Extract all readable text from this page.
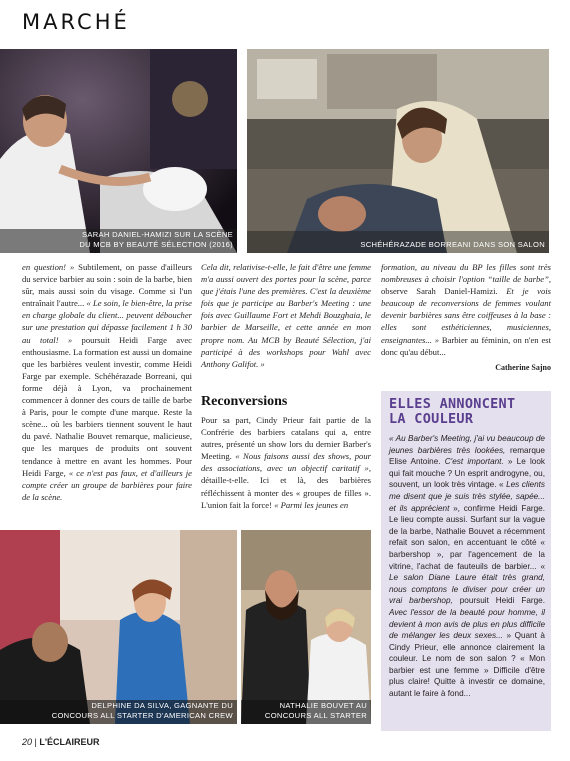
MARCHÉ
SARAH DANIEL-HAMIZI SUR LA SCÈNE
DU MCB BY BEAUTÉ SÉLECTION (2016)	SCHÉHÉRAZADE BORREANI DANS SON SALON

en question! » Subtilement, on passe d'ailleurs du service barbier au soin : soin de la barbe, bien sûr, mais aussi soin du visage. Comme si l'un entraînait l'autre... « Le soin, le bien-être, la prise en charge globale du client... peuvent déboucher sur une prestation qui dépasse facilement 1 h 30 au total! » poursuit Heidi Farge avec enthousiasme. La formation est aussi un domaine que les barbières veulent investir, comme Heidi Farge par exemple. Schéhérazade Borreani, qui forme déjà à Lyon, va prochainement commencer à donner des cours de taille de barbe à Paris, pour le compte d'une marque. Reste la scène... où les barbiers tiennent souvent le haut du pavé. Nathalie Bouvet remarque, malicieuse, que les marques de produits ont souvent tendance à mettre en avant les hommes. Pour Heidi Farge, « ce n'est pas faux, et d'ailleurs je compte créer un groupe de barbières pour faire de la scène.

Cela dit, relativise-t-elle, le fait d'être une femme m'a aussi ouvert des portes pour la scène, parce que j'étais l'une des premières. C'est la deuxième fois que je participe au Barber's Meeting : une fois avec Guillaume Fort et Mehdi Bouzghaia, le barbier de Marseille, et cette année en mon propre nom. Au MCB by Beauté Sélection, j'ai participé à des workshops pour Wahl avec Anthony Galifot. »

Reconversions

Pour sa part, Cindy Prieur fait partie de la Confrérie des barbiers catalans qui a, entre autres, présenté un show lors du dernier Barber's Meeting. « Nous faisons aussi des shows, pour des associations, avec un objectif caritatif », détaille-t-elle. Ici et là, des barbières réfléchissent à monter des « groupes de filles ». L'union fait la force! « Parmi les jeunes en

formation, au niveau du BP les filles sont très nombreuses à choisir l'option “taille de barbe”, observe Sarah Daniel-Hamizi. Et je vois beaucoup de reconversions de femmes voulant devenir barbières sans être coiffeuses à la base : elles sont esthéticiennes, musiciennes, enseignantes... » Barbier au féminin, on n'en est donc qu'au début...

Catherine Sajno
ELLES ANNONCENT
LA COULEUR
« Au Barber's Meeting, j'ai vu beaucoup de jeunes barbières très lookées, remarque Elise Antoine. C'est important. » Le look qui fait mouche ? Un esprit androgyne, ou, souvent, un look très vintage. « Les clients me disent que je suis très stylée, sapée... et ils apprécient », confirme Heidi Farge. Le lieu compte aussi. Surfant sur la vague de la barbe, Nathalie Bouvet a récemment refait son salon, en accentuant le côté « barbershop », par l'agencement de la vitrine, l'achat de fauteuils de barbier... « Le salon Diane Laure était très grand, nous comptons le diviser pour créer un vrai barbershop, poursuit Heidi Farge. Avec l'essor de la beauté pour homme, il devient à mon avis de plus en plus difficile de mélanger les deux sexes... » Quant à Cindy Prieur, elle annonce clairement la couleur. Le nom de son salon ? « Mon barbier est une femme » Difficile d'être plus claire! Quitte à investir ce domaine, autant le faire à fond...
DELPHINE DA SILVA, GAGNANTE DU
CONCOURS ALL STARTER D'AMERICAN CREW
NATHALIE BOUVET AU
CONCOURS ALL STARTER
20 | L'ÉCLAIREUR
